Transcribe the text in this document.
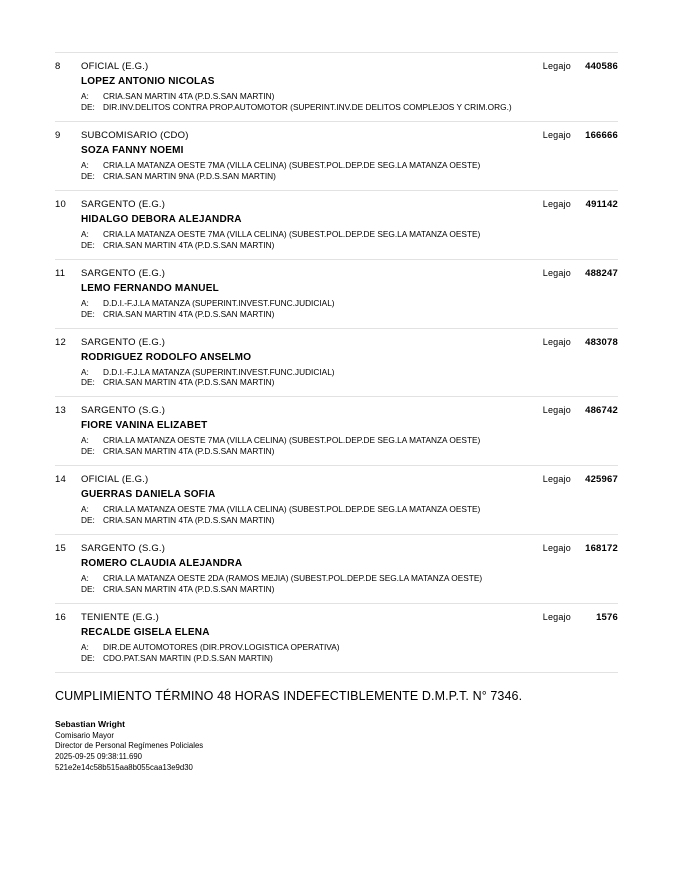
8	OFICIAL (E.G.)	Legajo	440586
LOPEZ ANTONIO NICOLAS
A:	CRIA.SAN MARTIN 4TA (P.D.S.SAN MARTIN)
DE: DIR.INV.DELITOS CONTRA PROP.AUTOMOTOR (SUPERINT.INV.DE DELITOS COMPLEJOS Y CRIM.ORG.)
9	SUBCOMISARIO (CDO)	Legajo	166666
SOZA FANNY NOEMI
A:	CRIA.LA MATANZA OESTE 7MA (VILLA CELINA) (SUBEST.POL.DEP.DE SEG.LA MATANZA OESTE)
DE: CRIA.SAN MARTIN 9NA (P.D.S.SAN MARTIN)
10	SARGENTO (E.G.)	Legajo	491142
HIDALGO DEBORA ALEJANDRA
A:	CRIA.LA MATANZA OESTE 7MA (VILLA CELINA) (SUBEST.POL.DEP.DE SEG.LA MATANZA OESTE)
DE: CRIA.SAN MARTIN 4TA (P.D.S.SAN MARTIN)
11	SARGENTO (E.G.)	Legajo	488247
LEMO FERNANDO MANUEL
A:	D.D.I.-F.J.LA MATANZA (SUPERINT.INVEST.FUNC.JUDICIAL)
DE: CRIA.SAN MARTIN 4TA (P.D.S.SAN MARTIN)
12	SARGENTO (E.G.)	Legajo	483078
RODRIGUEZ RODOLFO ANSELMO
A:	D.D.I.-F.J.LA MATANZA (SUPERINT.INVEST.FUNC.JUDICIAL)
DE: CRIA.SAN MARTIN 4TA (P.D.S.SAN MARTIN)
13	SARGENTO (S.G.)	Legajo	486742
FIORE VANINA ELIZABET
A:	CRIA.LA MATANZA OESTE 7MA (VILLA CELINA) (SUBEST.POL.DEP.DE SEG.LA MATANZA OESTE)
DE: CRIA.SAN MARTIN 4TA (P.D.S.SAN MARTIN)
14	OFICIAL (E.G.)	Legajo	425967
GUERRAS DANIELA SOFIA
A:	CRIA.LA MATANZA OESTE 7MA (VILLA CELINA) (SUBEST.POL.DEP.DE SEG.LA MATANZA OESTE)
DE: CRIA.SAN MARTIN 4TA (P.D.S.SAN MARTIN)
15	SARGENTO (S.G.)	Legajo	168172
ROMERO CLAUDIA ALEJANDRA
A:	CRIA.LA MATANZA OESTE 2DA (RAMOS MEJIA) (SUBEST.POL.DEP.DE SEG.LA MATANZA OESTE)
DE: CRIA.SAN MARTIN 4TA (P.D.S.SAN MARTIN)
16	TENIENTE (E.G.)	Legajo	1576
RECALDE GISELA ELENA
A:	DIR.DE AUTOMOTORES (DIR.PROV.LOGISTICA OPERATIVA)
DE: CDO.PAT.SAN MARTIN (P.D.S.SAN MARTIN)
CUMPLIMIENTO TÉRMINO 48 HORAS INDEFECTIBLEMENTE D.M.P.T. N° 7346.
Sebastian Wright
Comisario Mayor
Director de Personal Regímenes Policiales
2025-09-25 09:38:11.690
521e2e14c58b515aa8b055caa13e9d30
